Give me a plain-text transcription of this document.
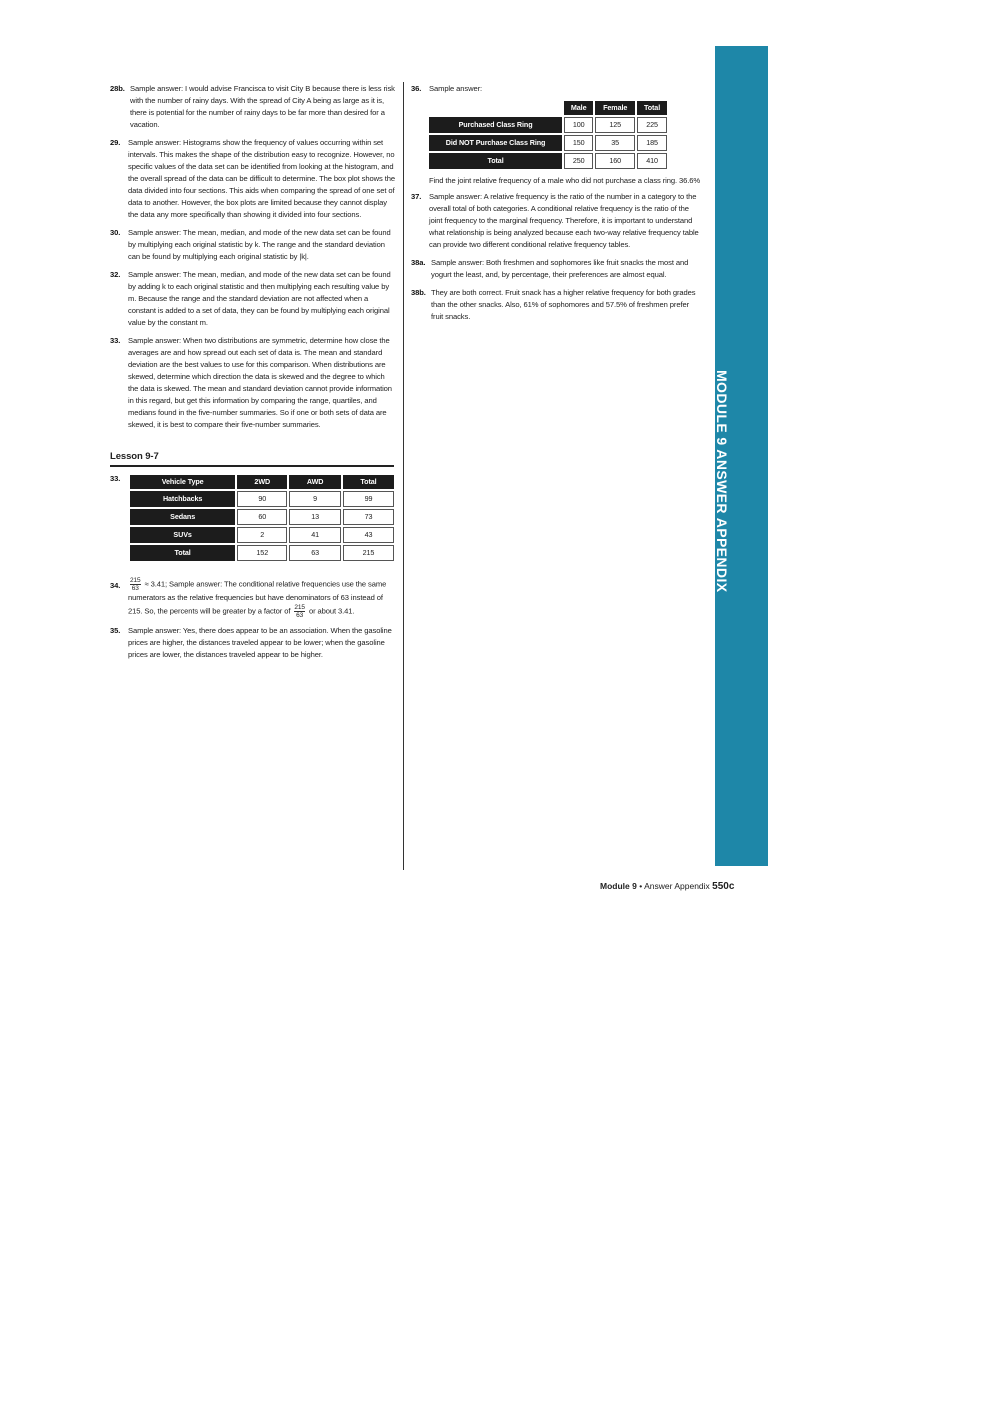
28b. Sample answer: I would advise Francisca to visit City B because there is less risk with the number of rainy days. With the spread of City A being as large as it is, there is potential for the number of rainy days to be far more than desired for a vacation.

29. Sample answer: Histograms show the frequency of values occurring within set intervals. This makes the shape of the distribution easy to recognize. However, no specific values of the data set can be identified from looking at the histogram, and the overall spread of the data can be difficult to determine. The box plot shows the data divided into four sections. This aids when comparing the spread of one set of data to another. However, the box plots are limited because they cannot display the data any more specifically than showing it divided into four sections.

30. Sample answer: The mean, median, and mode of the new data set can be found by multiplying each original statistic by k. The range and the standard deviation can be found by multiplying each original statistic by |k|.

32. Sample answer: The mean, median, and mode of the new data set can be found by adding k to each original statistic and then multiplying each resulting value by m. Because the range and the standard deviation are not affected when a constant is added to a set of data, they can be found by multiplying each original value by the constant m.

33. Sample answer: When two distributions are symmetric, determine how close the averages are and how spread out each set of data is. The mean and standard deviation are the best values to use for this comparison. When distributions are skewed, determine which direction the data is skewed and the degree to which the data is skewed. The mean and standard deviation cannot provide information in this regard, but get this information by comparing the range, quartiles, and medians found in the five-number summaries. So if one or both sets of data are skewed, it is best to compare their five-number summaries.

Lesson 9-7
33.	Vehicle Type	2WD	AWD	Total
Hatchbacks	90	9	99
Sedans	60	13	73
SUVs	2	41	43
Total	152	63	215
34. $\frac{215}{63} \approx 3.41$; Sample answer: The conditional relative frequencies use the same numerators as the relative frequencies but have denominators of 63 instead of 215. So, the percents will be greater by a factor of $\frac{215}{63}$ or about 3.41.

35. Sample answer: Yes, there does appear to be an association. When the gasoline prices are higher, the distances traveled appear to be lower; when the gasoline prices are lower, the distances traveled appear to be higher.

36. Sample answer:

	Male	Female	Total
Purchased Class Ring	100	125	225
Did NOT Purchase Class Ring	150	35	185
Total	250	160	410

Find the joint relative frequency of a male who did not purchase a class ring. 36.6%

37. Sample answer: A relative frequency is the ratio of the number in a category to the overall total of both categories. A conditional relative frequency is the ratio of the joint frequency to the marginal frequency. Therefore, it is important to understand what relationship is being analyzed because each two-way relative frequency table can provide two different conditional relative frequency tables.

38a. Sample answer: Both freshmen and sophomores like fruit snacks the most and yogurt the least, and, by percentage, their preferences are almost equal.

38b. They are both correct. Fruit snack has a higher relative frequency for both grades than the other snacks. Also, 61% of sophomores and 57.5% of freshmen prefer fruit snacks.

MODULE 9 ANSWER APPENDIX
Module 9 • Answer Appendix 550c
